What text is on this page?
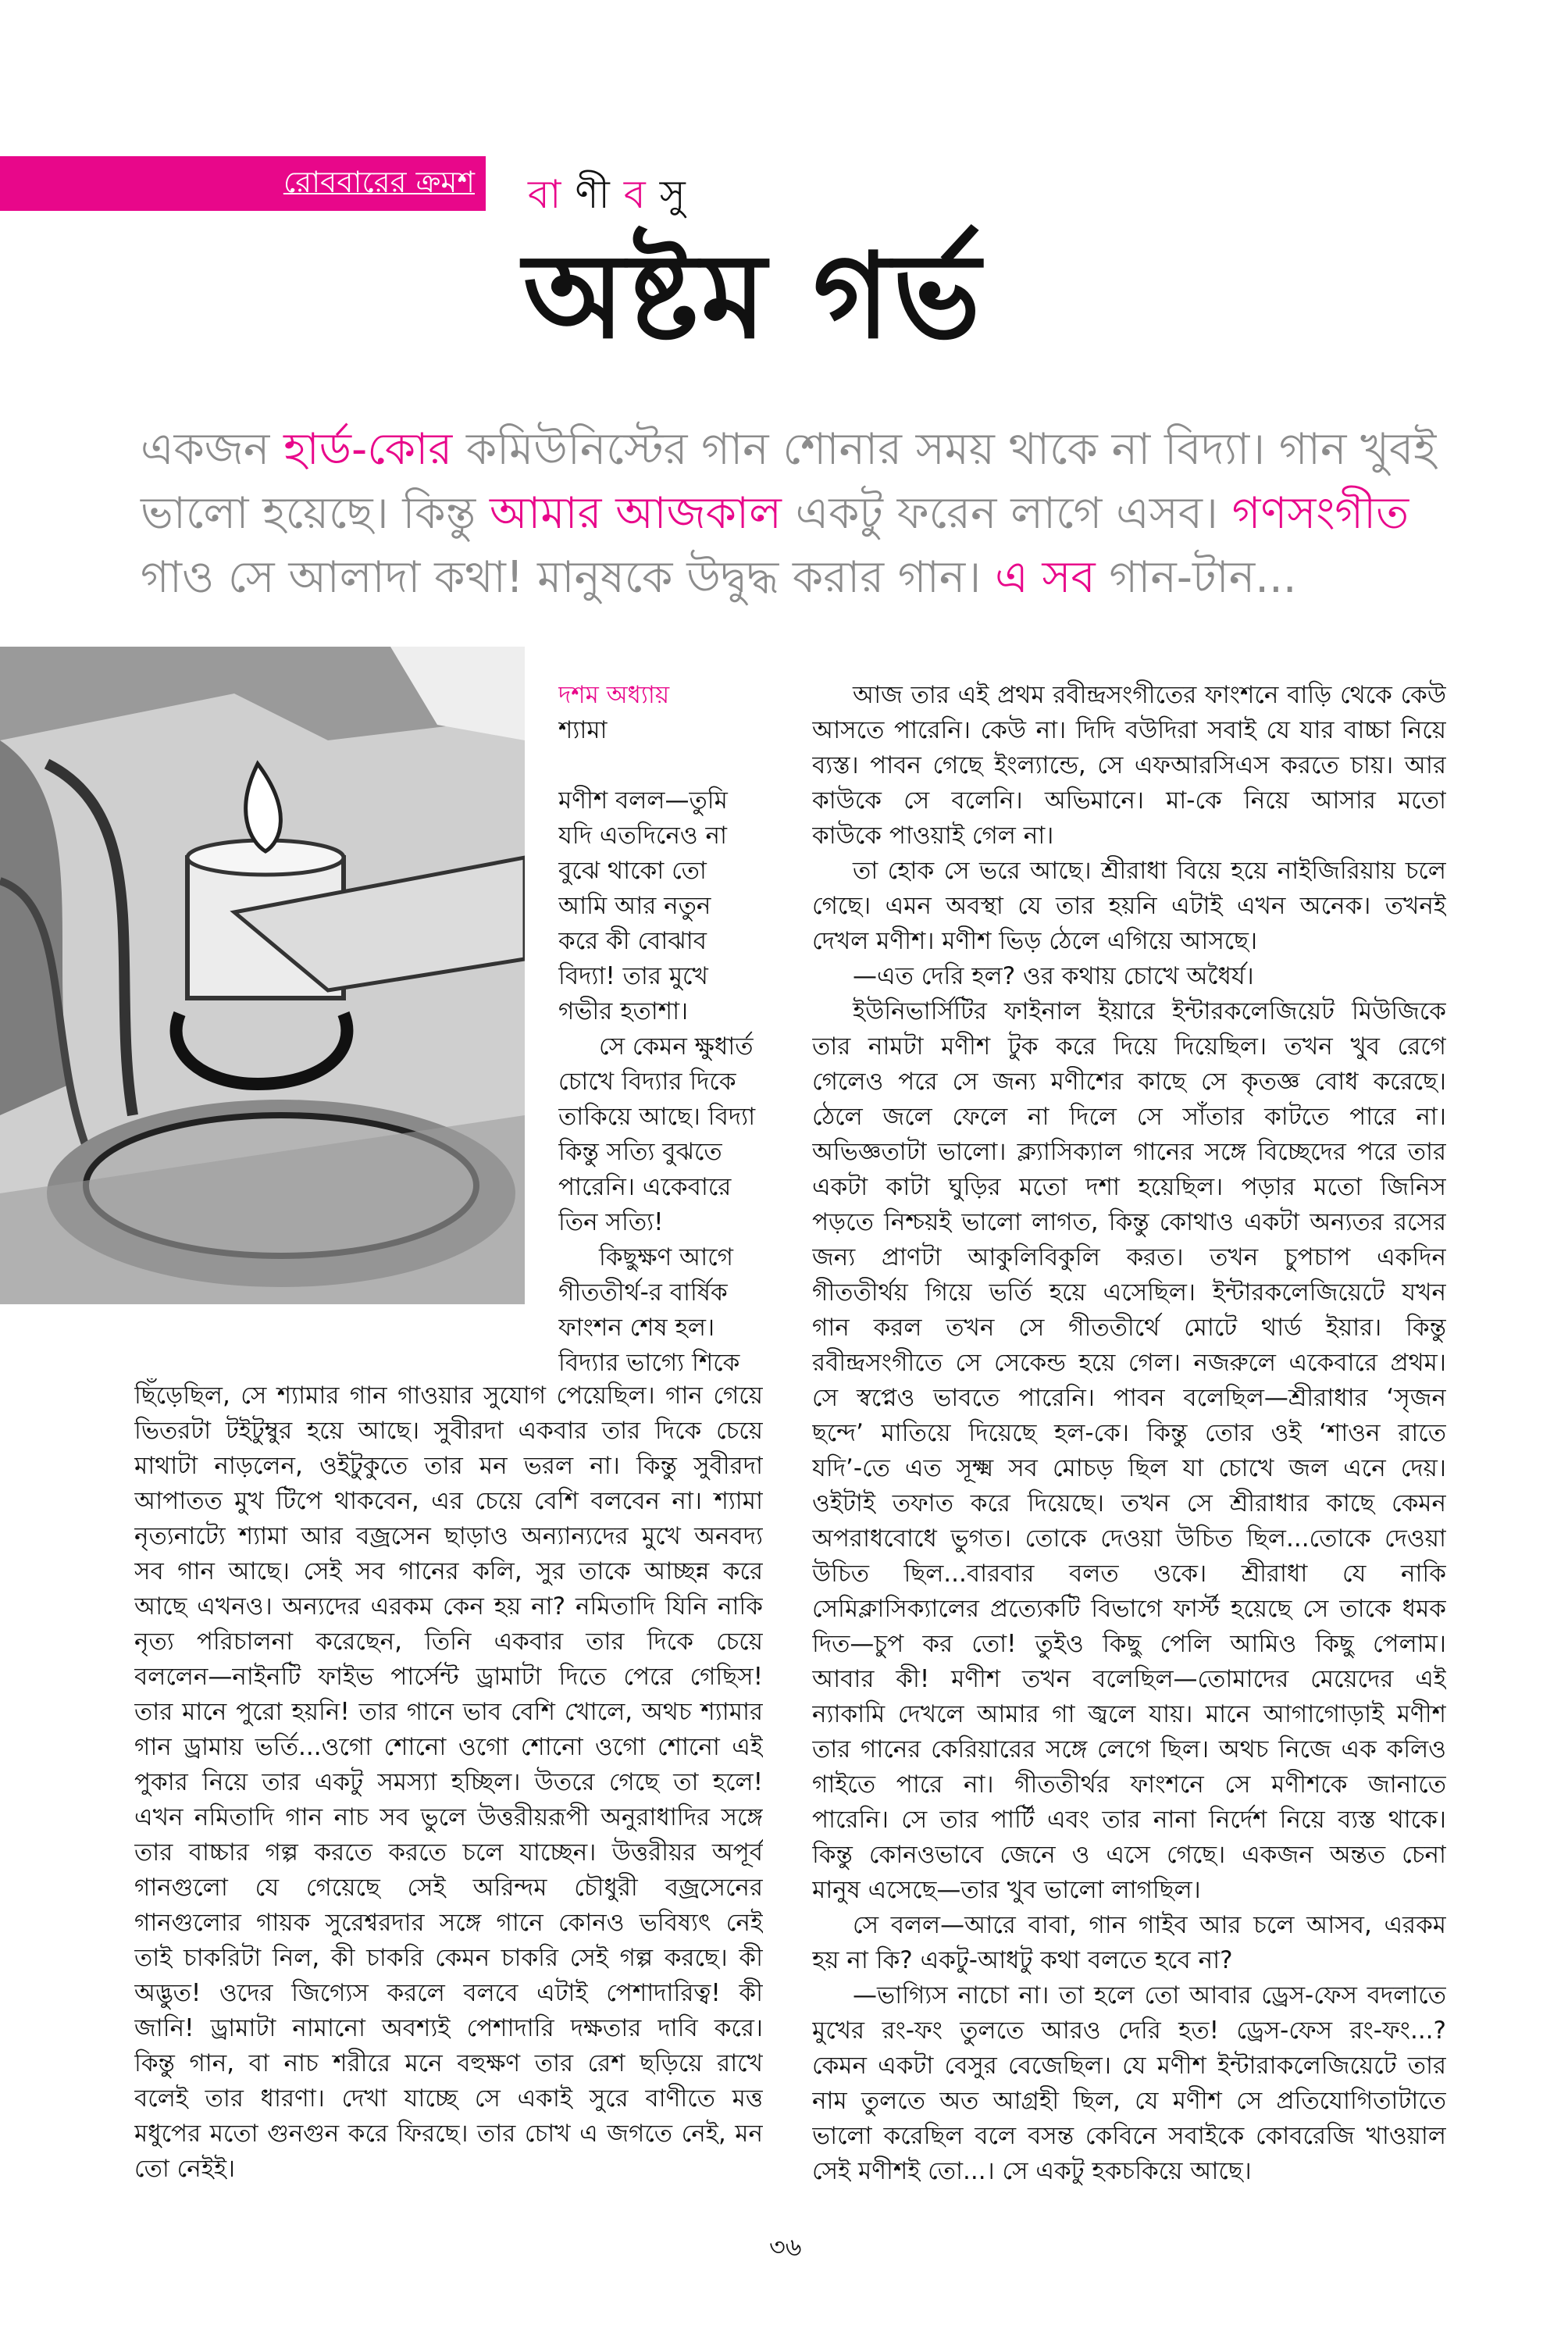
রোববারের ক্রমশ বাণীবসু
অষ্টম গর্ভ
একজন হার্ড-কোর কমিউনিস্টের গান শোনার সময় থাকে না বিদ্যা। গান খুবই
ভালো হয়েছে। কিন্তু আমার আজকাল একটু ফরেন লাগে এসব। গণসংগীত
গাও সে আলাদা কথা! মানুষকে উদ্বুদ্ধ করার গান। এ সব গান-টান...
দশম অধ্যায়
শ্যামা
মণীশ বলল—তুমি
যদি এতদিনেও না
বুঝে থাকো তো
আমি আর নতুন
করে কী বোঝাব
বিদ্যা! তার মুখে
গভীর হতাশা।
সে কেমন ক্ষুধার্ত
চোখে বিদ্যার দিকে
তাকিয়ে আছে। বিদ্যা
কিন্তু সত্যি বুঝতে
পারেনি। একেবারে
তিন সত্যি!
কিছুক্ষণ আগে
গীততীর্থ-র বার্ষিক
ফাংশন শেষ হল।
বিদ্যার ভাগ্যে শিকে
ছিঁড়েছিল, সে শ্যামার গান গাওয়ার সুযোগ পেয়েছিল। গান গেয়ে
ভিতরটা টইটুম্বুর হয়ে আছে। সুবীরদা একবার তার দিকে চেয়ে
মাথাটা নাড়লেন, ওইটুকুতে তার মন ভরল না। কিন্তু সুবীরদা
আপাতত মুখ টিপে থাকবেন, এর চেয়ে বেশি বলবেন না। শ্যামা
নৃত্যনাট্যে শ্যামা আর বজ্রসেন ছাড়াও অন্যান্যদের মুখে অনবদ্য
সব গান আছে। সেই সব গানের কলি, সুর তাকে আচ্ছন্ন করে
আছে এখনও। অন্যদের এরকম কেন হয় না? নমিতাদি যিনি নাকি
নৃত্য পরিচালনা করেছেন, তিনি একবার তার দিকে চেয়ে
বললেন—নাইনটি ফাইভ পার্সেন্ট ড্রামাটা দিতে পেরে গেছিস!
তার মানে পুরো হয়নি! তার গানে ভাব বেশি খোলে, অথচ শ্যামার
গান ড্রামায় ভর্তি...ওগো শোনো ওগো শোনো ওগো শোনো এই
পুকার নিয়ে তার একটু সমস্যা হচ্ছিল। উতরে গেছে তা হলে!
এখন নমিতাদি গান নাচ সব ভুলে উত্তরীয়রূপী অনুরাধাদির সঙ্গে
তার বাচ্চার গল্প করতে করতে চলে যাচ্ছেন। উত্তরীয়র অপূর্ব
গানগুলো যে গেয়েছে সেই অরিন্দম চৌধুরী বজ্রসেনের
গানগুলোর গায়ক সুরেশ্বরদার সঙ্গে গানে কোনও ভবিষ্যৎ নেই
তাই চাকরিটা নিল, কী চাকরি কেমন চাকরি সেই গল্প করছে। কী
অদ্ভুত! ওদের জিগ্যেস করলে বলবে এটাই পেশাদারিত্ব! কী
জানি! ড্রামাটা নামানো অবশ্যই পেশাদারি দক্ষতার দাবি করে।
কিন্তু গান, বা নাচ শরীরে মনে বহুক্ষণ তার রেশ ছড়িয়ে রাখে
বলেই তার ধারণা। দেখা যাচ্ছে সে একাই সুরে বাণীতে মত্ত
মধুপের মতো গুনগুন করে ফিরছে। তার চোখ এ জগতে নেই, মন
তো নেইই।
আজ তার এই প্রথম রবীন্দ্রসংগীতের ফাংশনে বাড়ি থেকে কেউ
আসতে পারেনি। কেউ না। দিদি বউদিরা সবাই যে যার বাচ্চা নিয়ে
ব্যস্ত। পাবন গেছে ইংল্যান্ডে, সে এফআরসিএস করতে চায়। আর
কাউকে সে বলেনি। অভিমানে। মা-কে নিয়ে আসার মতো
কাউকে পাওয়াই গেল না।
তা হোক সে ভরে আছে। শ্রীরাধা বিয়ে হয়ে নাইজিরিয়ায় চলে
গেছে। এমন অবস্থা যে তার হয়নি এটাই এখন অনেক। তখনই
দেখল মণীশ। মণীশ ভিড় ঠেলে এগিয়ে আসছে।
—এত দেরি হল? ওর কথায় চোখে অধৈর্য।
ইউনিভার্সিটির ফাইনাল ইয়ারে ইন্টারকলেজিয়েট মিউজিকে
তার নামটা মণীশ টুক করে দিয়ে দিয়েছিল। তখন খুব রেগে
গেলেও পরে সে জন্য মণীশের কাছে সে কৃতজ্ঞ বোধ করেছে।
ঠেলে জলে ফেলে না দিলে সে সাঁতার কাটতে পারে না।
অভিজ্ঞতাটা ভালো। ক্ল্যাসিক্যাল গানের সঙ্গে বিচ্ছেদের পরে তার
একটা কাটা ঘুড়ির মতো দশা হয়েছিল। পড়ার মতো জিনিস
পড়তে নিশ্চয়ই ভালো লাগত, কিন্তু কোথাও একটা অন্যতর রসের
জন্য প্রাণটা আকুলিবিকুলি করত। তখন চুপচাপ একদিন
গীততীর্থয় গিয়ে ভর্তি হয়ে এসেছিল। ইন্টারকলেজিয়েটে যখন
গান করল তখন সে গীততীর্থে মোটে থার্ড ইয়ার। কিন্তু
রবীন্দ্রসংগীতে সে সেকেন্ড হয়ে গেল। নজরুলে একেবারে প্রথম।
সে স্বপ্নেও ভাবতে পারেনি। পাবন বলেছিল—শ্রীরাধার ‘সৃজন
ছন্দে’ মাতিয়ে দিয়েছে হল-কে। কিন্তু তোর ওই ‘শাওন রাতে
যদি’-তে এত সূক্ষ্ম সব মোচড় ছিল যা চোখে জল এনে দেয়।
ওইটাই তফাত করে দিয়েছে। তখন সে শ্রীরাধার কাছে কেমন
অপরাধবোধে ভুগত। তোকে দেওয়া উচিত ছিল...তোকে দেওয়া
উচিত ছিল...বারবার বলত ওকে। শ্রীরাধা যে নাকি
সেমিক্লাসিক্যালের প্রত্যেকটি বিভাগে ফার্স্ট হয়েছে সে তাকে ধমক
দিত—চুপ কর তো! তুইও কিছু পেলি আমিও কিছু পেলাম।
আবার কী! মণীশ তখন বলেছিল—তোমাদের মেয়েদের এই
ন্যাকামি দেখলে আমার গা জ্বলে যায়। মানে আগাগোড়াই মণীশ
তার গানের কেরিয়ারের সঙ্গে লেগে ছিল। অথচ নিজে এক কলিও
গাইতে পারে না। গীততীর্থর ফাংশনে সে মণীশকে জানাতে
পারেনি। সে তার পার্টি এবং তার নানা নির্দেশ নিয়ে ব্যস্ত থাকে।
কিন্তু কোনওভাবে জেনে ও এসে গেছে। একজন অন্তত চেনা
মানুষ এসেছে—তার খুব ভালো লাগছিল।
সে বলল—আরে বাবা, গান গাইব আর চলে আসব, এরকম
হয় না কি? একটু-আধটু কথা বলতে হবে না?
—ভাগ্যিস নাচো না। তা হলে তো আবার ড্রেস-ফেস বদলাতে
মুখের রং-ফং তুলতে আরও দেরি হত! ড্রেস-ফেস রং-ফং...?
কেমন একটা বেসুর বেজেছিল। যে মণীশ ইন্টারাকলেজিয়েটে তার
নাম তুলতে অত আগ্রহী ছিল, যে মণীশ সে প্রতিযোগিতাটাতে
ভালো করেছিল বলে বসন্ত কেবিনে সবাইকে কোবরেজি খাওয়াল
সেই মণীশই তো...। সে একটু হকচকিয়ে আছে।
৩৬
